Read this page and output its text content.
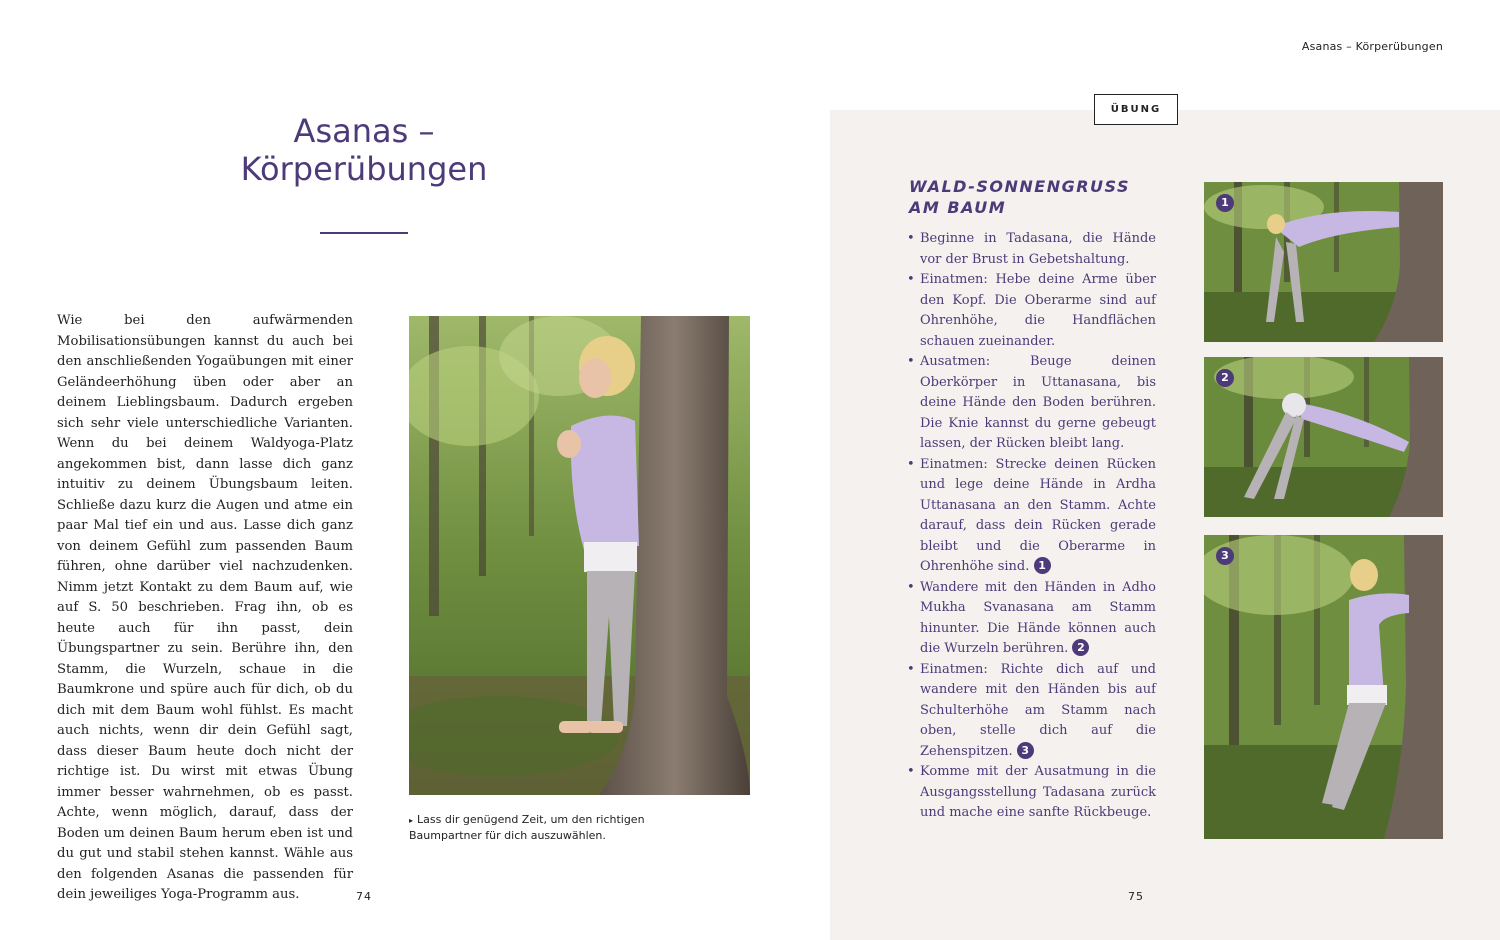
Asanas – Körperübungen
Asanas – Körperübungen

Wie bei den aufwärmenden Mobilisationsübungen kannst du auch bei den anschließenden Yogaübungen mit einer Geländeerhöhung üben oder aber an deinem Lieblingsbaum. Dadurch ergeben sich sehr viele unterschiedliche Varianten. Wenn du bei deinem Waldyoga-Platz angekommen bist, dann lasse dich ganz intuitiv zu deinem Übungsbaum leiten. Schließe dazu kurz die Augen und atme ein paar Mal tief ein und aus. Lasse dich ganz von deinem Gefühl zum passenden Baum führen, ohne darüber viel nachzudenken. Nimm jetzt Kontakt zu dem Baum auf, wie auf S. 50 beschrieben. Frag ihn, ob es heute auch für ihn passt, dein Übungspartner zu sein. Berühre ihn, den Stamm, die Wurzeln, schaue in die Baumkrone und spüre auch für dich, ob du dich mit dem Baum wohl fühlst. Es macht auch nichts, wenn dir dein Gefühl sagt, dass dieser Baum heute doch nicht der richtige ist. Du wirst mit etwas Übung immer besser wahrnehmen, ob es passt. Achte, wenn möglich, darauf, dass der Boden um deinen Baum herum eben ist und du gut und stabil stehen kannst. Wähle aus den folgenden Asanas die passenden für dein jeweiliges Yoga-Programm aus.

▸ Lass dir genügend Zeit, um den richtigen Baumpartner für dich auszuwählen.

74
ÜBUNG
WALD-SONNENGRUSS AM BAUM
• Beginne in Tadasana, die Hände vor der Brust in Gebetshaltung.
• Einatmen: Hebe deine Arme über den Kopf. Die Oberarme sind auf Ohrenhöhe, die Handflächen schauen zueinander.
• Ausatmen: Beuge deinen Oberkörper in Uttanasana, bis deine Hände den Boden berühren. Die Knie kannst du gerne gebeugt lassen, der Rücken bleibt lang.
• Einatmen: Strecke deinen Rücken und lege deine Hände in Ardha Uttanasana an den Stamm. Achte darauf, dass dein Rücken gerade bleibt und die Oberarme in Ohrenhöhe sind. 1
• Wandere mit den Händen in Adho Mukha Svanasana am Stamm hinunter. Die Hände können auch die Wurzeln berühren. 2
• Einatmen: Richte dich auf und wandere mit den Händen bis auf Schulterhöhe am Stamm nach oben, stelle dich auf die Zehenspitzen. 3
• Komme mit der Ausatmung in die Ausgangsstellung Tadasana zurück und mache eine sanfte Rückbeuge.
1
2
3
75
